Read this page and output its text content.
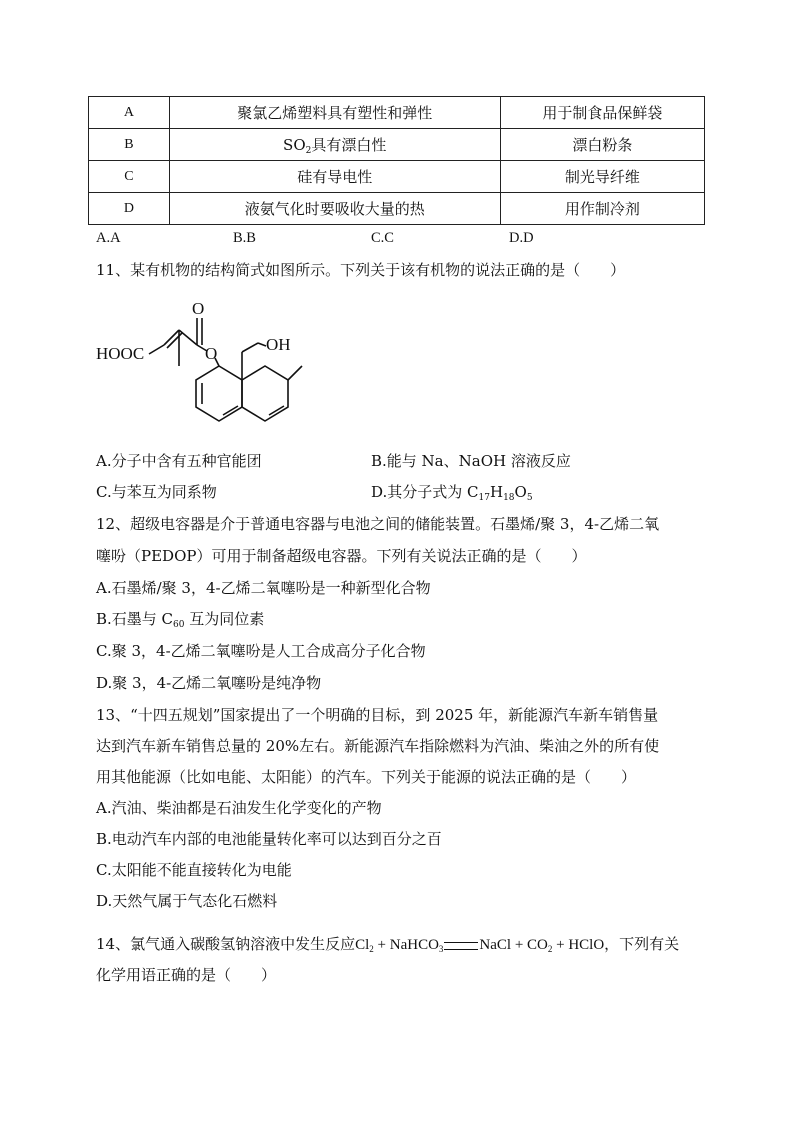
A	聚氯乙烯塑料具有塑性和弹性	用于制食品保鲜袋
B	$SO_2$具有漂白性	漂白粉条
C	硅有导电性	制光导纤维
D	液氨气化时要吸收大量的热	用作制冷剂
A.A	B.B	C.C	D.D
11、某有机物的结构简式如图所示。下列关于该有机物的说法正确的是（　　）
HOOC
O
O	OH
A.分子中含有五种官能团	B.能与 Na、NaOH 溶液反应
C.与苯互为同系物	D.其分子式为 $C_{17}H_{18}O_5$
12、超级电容器是介于普通电容器与电池之间的储能装置。石墨烯/聚 3，4-乙烯二氧
噻吩（PEDOP）可用于制备超级电容器。下列有关说法正确的是（　　）
A.石墨烯/聚 3，4-乙烯二氧噻吩是一种新型化合物
B.石墨与 $C_{60}$ 互为同位素
C.聚 3，4-乙烯二氧噻吩是人工合成高分子化合物
D.聚 3，4-乙烯二氧噻吩是纯净物
13、“十四五规划”国家提出了一个明确的目标，到 2025 年，新能源汽车新车销售量
达到汽车新车销售总量的 20%左右。新能源汽车指除燃料为汽油、柴油之外的所有使
用其他能源（比如电能、太阳能）的汽车。下列关于能源的说法正确的是（　　）
A.汽油、柴油都是石油发生化学变化的产物
B.电动汽车内部的电池能量转化率可以达到百分之百
C.太阳能不能直接转化为电能
D.天然气属于气态化石燃料
14、氯气通入碳酸氢钠溶液中发生反应$Cl_2$ + NaHCO$_3$ NaCl + $CO_2$ + HClO，下列有关
化学用语正确的是（　　）
